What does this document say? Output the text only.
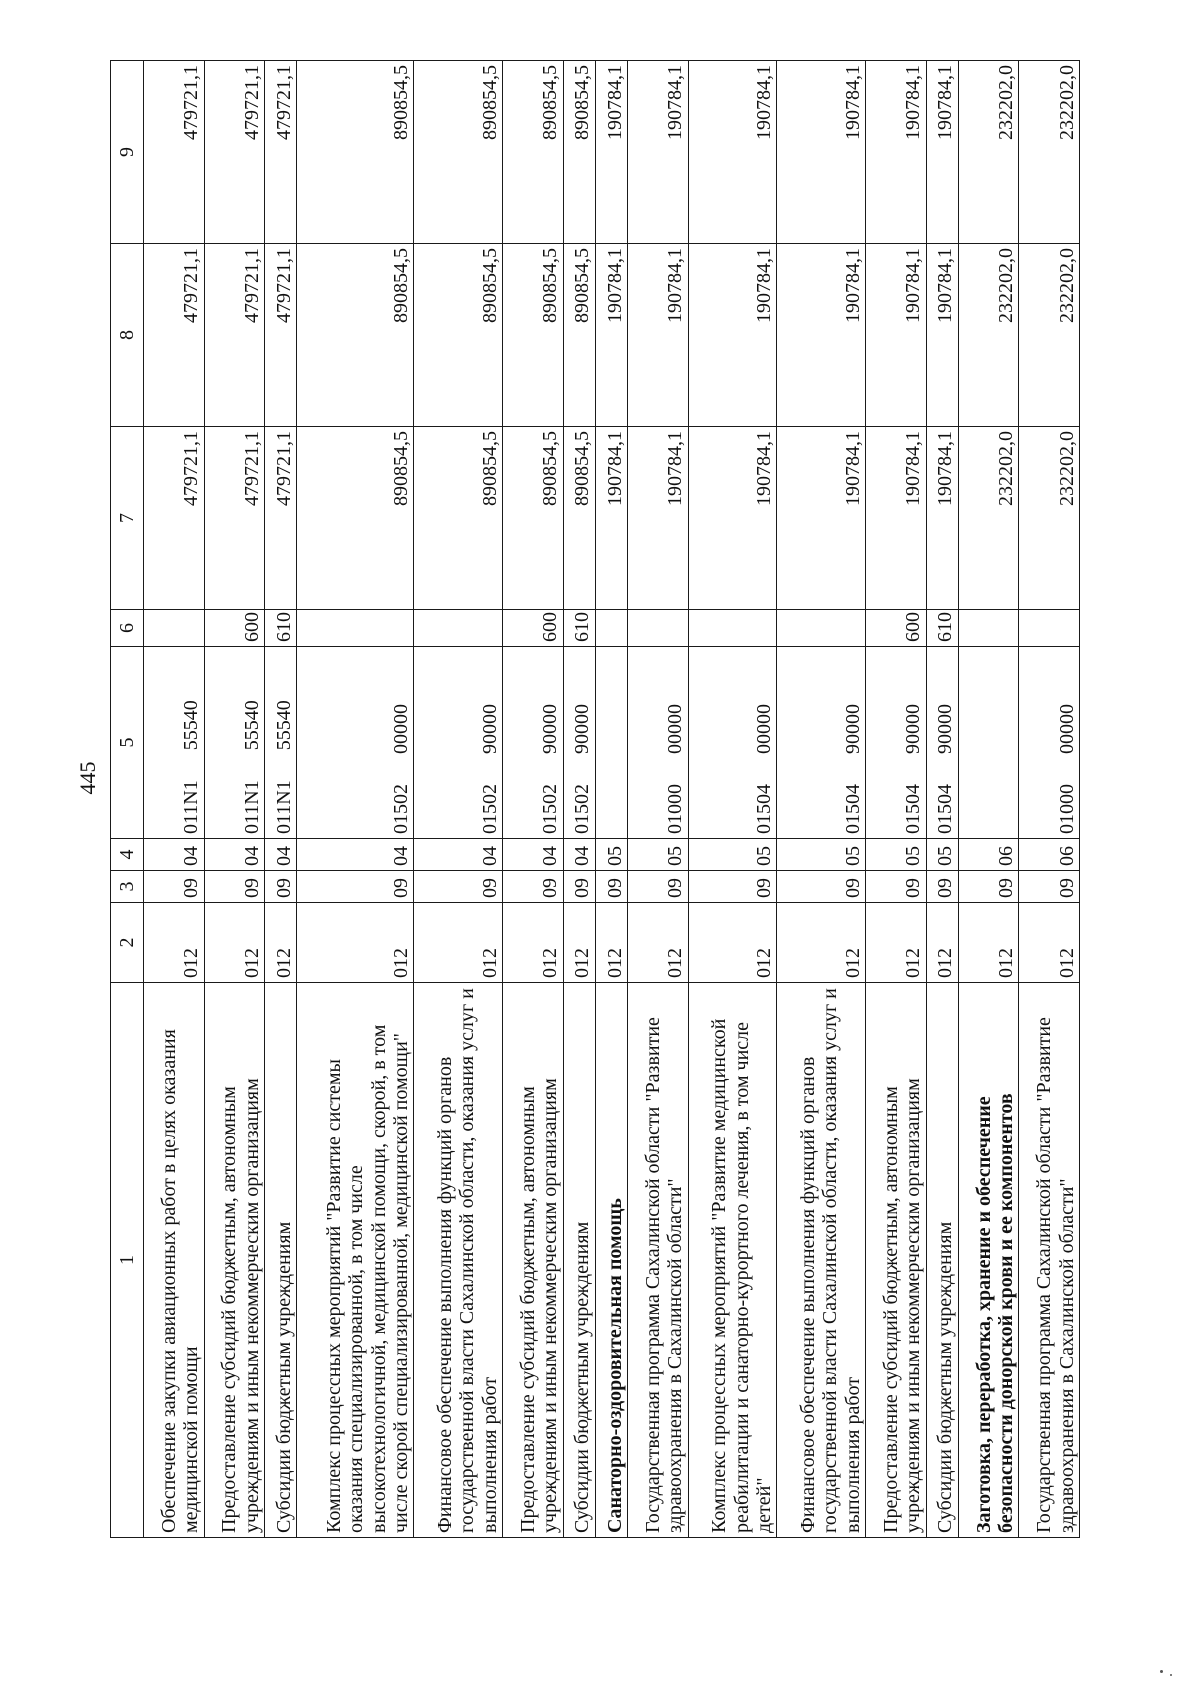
445
1	2	3	4	5	6	7	8	9
Обеспечение закупки авиационных работ в целях оказания медицинской помощи	012	09	04	011N155540		479721,1	479721,1	479721,1
Предоставление субсидий бюджетным, автономным учреждениям и иным некоммерческим организациям	012	09	04	011N155540	600	479721,1	479721,1	479721,1
Субсидии бюджетным учреждениям	012	09	04	011N155540	610	479721,1	479721,1	479721,1
Комплекс процессных мероприятий "Развитие системы оказания специализированной, в том числе высокотехнологичной, медицинской помощи, скорой, в том числе скорой специализированной, медицинской помощи"	012	09	04	0150200000		890854,5	890854,5	890854,5
Финансовое обеспечение выполнения функций органов государственной власти Сахалинской области, оказания услуг и выполнения работ	012	09	04	0150290000		890854,5	890854,5	890854,5
Предоставление субсидий бюджетным, автономным учреждениям и иным некоммерческим организациям	012	09	04	0150290000	600	890854,5	890854,5	890854,5
Субсидии бюджетным учреждениям	012	09	04	0150290000	610	890854,5	890854,5	890854,5
Санаторно-оздоровительная помощь	012	09	05			190784,1	190784,1	190784,1
Государственная программа Сахалинской области "Развитие здравоохранения в Сахалинской области"	012	09	05	0100000000		190784,1	190784,1	190784,1
Комплекс процессных мероприятий "Развитие медицинской реабилитации и санаторно-курортного лечения, в том числе детей"	012	09	05	0150400000		190784,1	190784,1	190784,1
Финансовое обеспечение выполнения функций органов государственной власти Сахалинской области, оказания услуг и выполнения работ	012	09	05	0150490000		190784,1	190784,1	190784,1
Предоставление субсидий бюджетным, автономным учреждениям и иным некоммерческим организациям	012	09	05	0150490000	600	190784,1	190784,1	190784,1
Субсидии бюджетным учреждениям	012	09	05	0150490000	610	190784,1	190784,1	190784,1
Заготовка, переработка, хранение и обеспечение безопасности донорской крови и ее компонентов	012	09	06			232202,0	232202,0	232202,0
Государственная программа Сахалинской области "Развитие здравоохранения в Сахалинской области"	012	09	06	0100000000		232202,0	232202,0	232202,0
